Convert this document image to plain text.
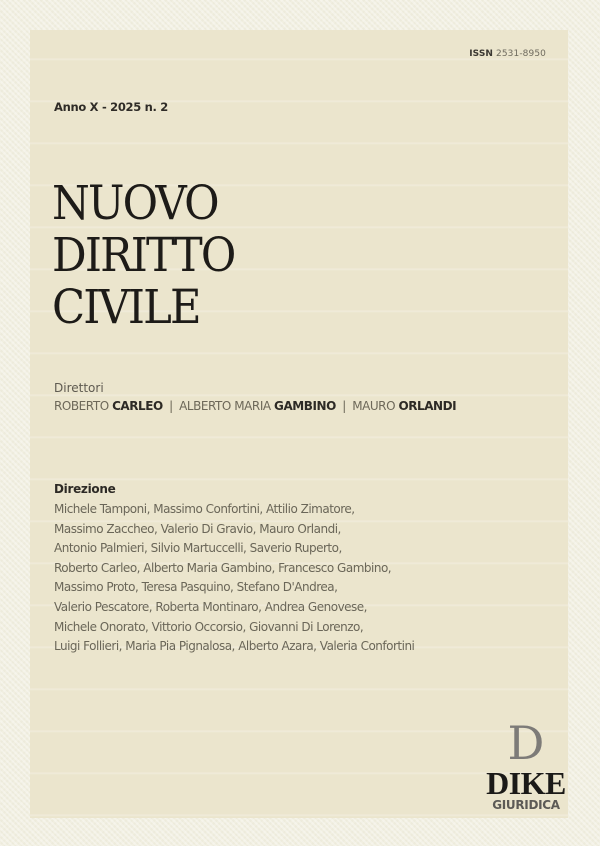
ISSN 2531-8950
Anno X - 2025 n. 2
NUOVO
DIRITTO
CIVILE
Direttori
ROBERTO CARLEO | ALBERTO MARIA GAMBINO | MAURO ORLANDI
Direzione
Michele Tamponi, Massimo Confortini, Attilio Zimatore,
Massimo Zaccheo, Valerio Di Gravio, Mauro Orlandi,
Antonio Palmieri, Silvio Martuccelli, Saverio Ruperto,
Roberto Carleo, Alberto Maria Gambino, Francesco Gambino,
Massimo Proto, Teresa Pasquino, Stefano D'Andrea,
Valerio Pescatore, Roberta Montinaro, Andrea Genovese,
Michele Onorato, Vittorio Occorsio, Giovanni Di Lorenzo,
Luigi Follieri, Maria Pia Pignalosa, Alberto Azara, Valeria Confortini
D
DIKE
GIURIDICA
